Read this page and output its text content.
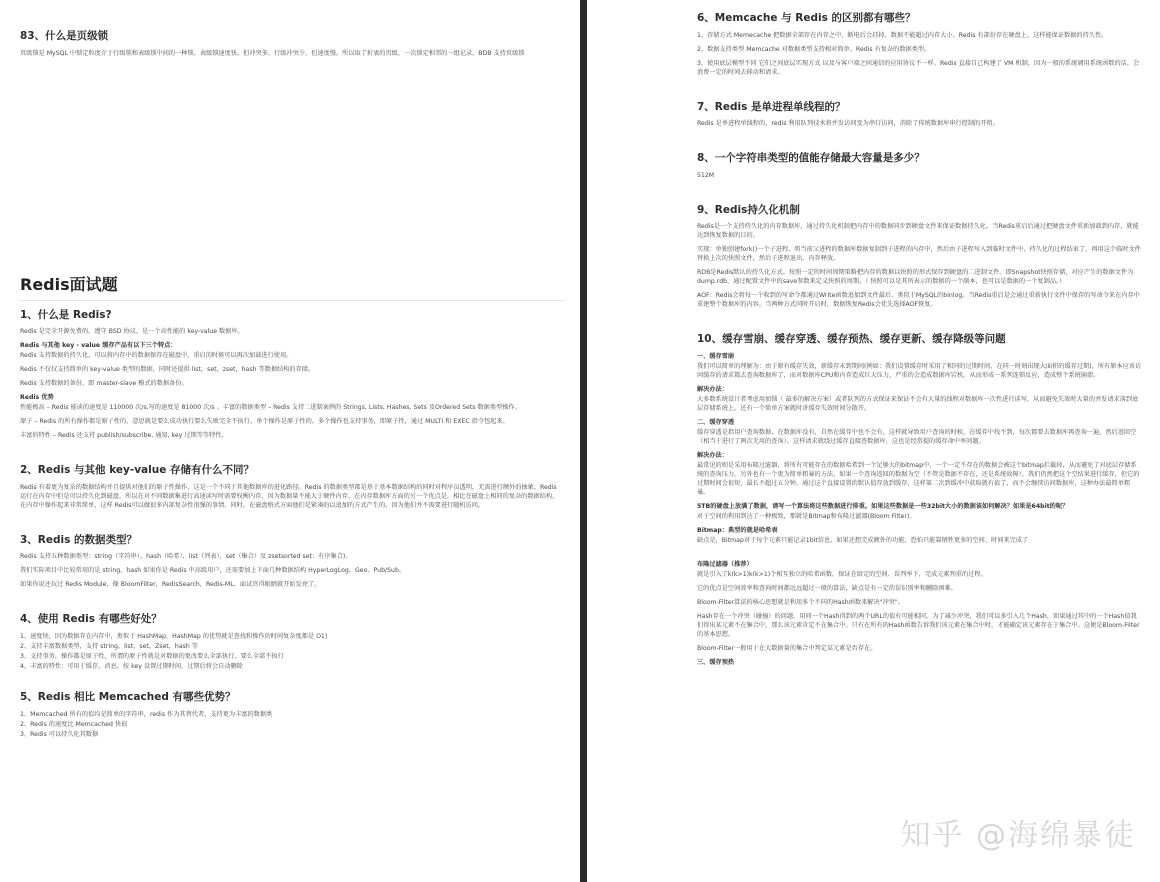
83、什么是页级锁

页级锁是 MySQL 中锁定粒度介于行级锁和表级锁中间的一种锁。表级锁速度快，但冲突多，行级冲突少，但速度慢。所以取了折衷的页级，一次锁定相邻的一组记录。BDB 支持页级锁

Redis面试题
1、什么是 Redis?

Redis 是完全开源免费的，遵守 BSD 协议，是一个高性能的 key-value 数据库。

Redis 与其他 key - value 缓存产品有以下三个特点：

Redis 支持数据的持久化，可以将内存中的数据保存在磁盘中，重启的时候可以再次加载进行使用。

Redis 不仅仅支持简单的 key-value 类型的数据，同时还提供 list，set，zset，hash 等数据结构的存储。

Redis 支持数据的备份，即 master-slave 模式的数据备份。

Redis 优势

性能极高 – Redis 能读的速度是 110000 次/s,写的速度是 81000 次/s 。丰富的数据类型 – Redis 支持二进制案例的 Strings, Lists, Hashes, Sets 及Ordered Sets 数据类型操作。

原子 – Redis 的所有操作都是原子性的，意思就是要么成功执行要么失败完全不执行。单个操作是原子性的。多个操作也支持事务，即原子性，通过 MULTI 和 EXEC 指令包起来。

丰富的特性 – Redis 还支持 publish/subscribe, 通知, key 过期等等特性。

2、Redis 与其他 key-value 存储有什么不同？

Redis 有着更为复杂的数据结构并且提供对他们的原子性操作，这是一个不同于其他数据库的进化路径。Redis 的数据类型都是基于基本数据结构的同时对程序员透明，无需进行额外的抽象。Redis 运行在内存中但是可以持久化到磁盘，所以在对不同数据集进行高速读写时需要权衡内存，因为数据量不能大于硬件内存。在内存数据库方面的另一个优点是，相比在磁盘上相同的复杂的数据结构，在内存中操作起来非常简单，这样 Redis可以做很多内部复杂性很强的事情。同时，在磁盘格式方面他们是紧凑的以追加的方式产生的，因为他们并不需要进行随机访问。

3、Redis 的数据类型？

Redis 支持五种数据类型：string（字符串），hash（哈希），list（列表），set（集合）及 zsetsorted set：有序集合)。

我们实际项目中比较常用的是 string，hash 如果你是 Redis 中高级用户，还需要加上下面几种数据结构 HyperLogLog、Geo、Pub/Sub。

如果你说还玩过 Redis Module，像 BloomFilter，RedisSearch，Redis-ML，面试官得眼睛就开始发亮了。

4、使用 Redis 有哪些好处？

1、速度快，因为数据存在内存中，类似于 HashMap，HashMap 的优势就是查找和操作的时间复杂度都是 O1)

2、支持丰富数据类型，支持 string，list，set，Zset，hash 等

3、支持事务，操作都是原子性，所谓的原子性就是对数据的更改要么全部执行，要么全部不执行

4、丰富的特性：可用于缓存，消息，按 key 设置过期时间，过期后将会自动删除

5、Redis 相比 Memcached 有哪些优势？

1、Memcached 所有的值均是简单的字符串，redis 作为其替代者，支持更为丰富的数据类

2、Redis 的速度比 Memcached 快很

3、Redis 可以持久化其数据

6、Memcache 与 Redis 的区别都有哪些？

1、存储方式 Memecache 把数据全部存在内存之中，断电后会挂掉，数据不能超过内存大小。Redis 有部份存在硬盘上，这样能保证数据的持久性。

2、数据支持类型 Memcache 对数据类型支持相对简单。Redis 有复杂的数据类型。

3、使用底层模型不同 它们之间底层实现方式 以及与客户端之间通信的应用协议不一样。Redis 直接自己构建了 VM 机制，因为一般的系统调用系统函数的话，会浪费一定的时间去移动和请求。

7、Redis 是单进程单线程的？

Redis 是单进程单线程的，redis 利用队列技术将并发访问变为串行访问，消除了传统数据库串行控制的开销。

8、一个字符串类型的值能存储最大容量是多少？

512M

9、Redis持久化机制

Redis是一个支持持久化的内存数据库，通过持久化机制把内存中的数据同步到硬盘文件来保证数据持久化。当Redis重启后通过把硬盘文件重新加载到内存，就能达到恢复数据的目的。

实现：单独创建fork()一个子进程，将当前父进程的数据库数据复制到子进程的内存中，然后由子进程写入到临时文件中，持久化的过程结束了，再用这个临时文件替换上次的快照文件，然后子进程退出，内存释放。

RDB是Redis默认的持久化方式。按照一定的时间周期策略把内存的数据以快照的形式保存到硬盘的二进制文件。即Snapshot快照存储，对应产生的数据文件为dump.rdb，通过配置文件中的save参数来定义快照的周期。（ 快照可以是其所表示的数据的一个副本，也可以是数据的一个复制品。）

AOF：Redis会将每一个收到的写命令都通过Write函数追加到文件最后，类似于MySQL的binlog。当Redis重启是会通过重新执行文件中保存的写命令来在内存中重建整个数据库的内容。当两种方式同时开启时，数据恢复Redis会优先选择AOF恢复。

10、缓存雪崩、缓存穿透、缓存预热、缓存更新、缓存降级等问题

一、缓存雪崩

我们可以简单的理解为：由于原有缓存失效，新缓存未到期间(例如：我们设置缓存时采用了相同的过期时间，在同一时刻出现大面积的缓存过期)，所有原本应该访问缓存的请求都去查询数据库了，而对数据库CPU和内存造成巨大压力，严重的会造成数据库宕机。从而形成一系列连锁反应，造成整个系统崩溃。

解决办法：

大多数系统设计者考虑用加锁（ 最多的解决方案）或者队列的方式保证来保证不会有大量的线程对数据库一次性进行读写，从而避免失效时大量的并发请求落到底层存储系统上。还有一个简单方案就时讲缓存失效时间分散开。

二、缓存穿透

缓存穿透是指用户查询数据，在数据库没有，自然在缓存中也不会有。这样就导致用户查询的时候，在缓存中找不到，每次都要去数据库再查询一遍，然后返回空（相当于进行了两次无用的查询）。这样请求就绕过缓存直接查数据库，这也是经常提的缓存命中率问题。

解决办法：

最常见的则是采用布隆过滤器，将所有可能存在的数据哈希到一个足够大的bitmap中，一个一定不存在的数据会被这个bitmap拦截掉，从而避免了对底层存储系统的查询压力。另外也有一个更为简单粗暴的方法，如果一个查询返回的数据为空（不管是数据不存在，还是系统故障），我们仍然把这个空结果进行缓存，但它的过期时间会很短，最长不超过五分钟。通过这个直接设置的默认值存放到缓存，这样第二次到缓冲中获取就有值了，而不会继续访问数据库，这种办法最简单粗暴。

5TB的硬盘上放满了数据，请写一个算法将这些数据进行排重。如果这些数据是一些32bit大小的数据该如何解决？如果是64bit的呢？

对于空间的利用到达了一种极致，那就是Bitmap和布隆过滤器(Bloom Filter)。

Bitmap：典型的就是哈希表

缺点是，Bitmap对于每个元素只能记录1bit信息，如果还想完成额外的功能，恐怕只能靠牺牲更多的空间、时间来完成了

布隆过滤器（推荐）

就是引入了k(k>1)k(k>1)个相互独立的哈希函数，保证在给定的空间、误判率下，完成元素判重的过程。

它的优点是空间效率和查询时间都远远超过一般的算法，缺点是有一定的误识别率和删除困难。

Bloom-Filter算法的核心思想就是利用多个不同的Hash函数来解决"冲突"。

Hash存在一个冲突（碰撞）的问题，用同一个Hash得到的两个URL的值有可能相同。为了减少冲突，我们可以多引入几个Hash，如果通过其中的一个Hash值我们得出某元素不在集合中，那么该元素肯定不在集合中。只有在所有的Hash函数告诉我们该元素在集合中时，才能确定该元素存在于集合中。这便是Bloom-Filter的基本思想。

Bloom-Filter一般用于在大数据量的集合中判定某元素是否存在。

三、缓存预热

知乎 @海绵暴徒
